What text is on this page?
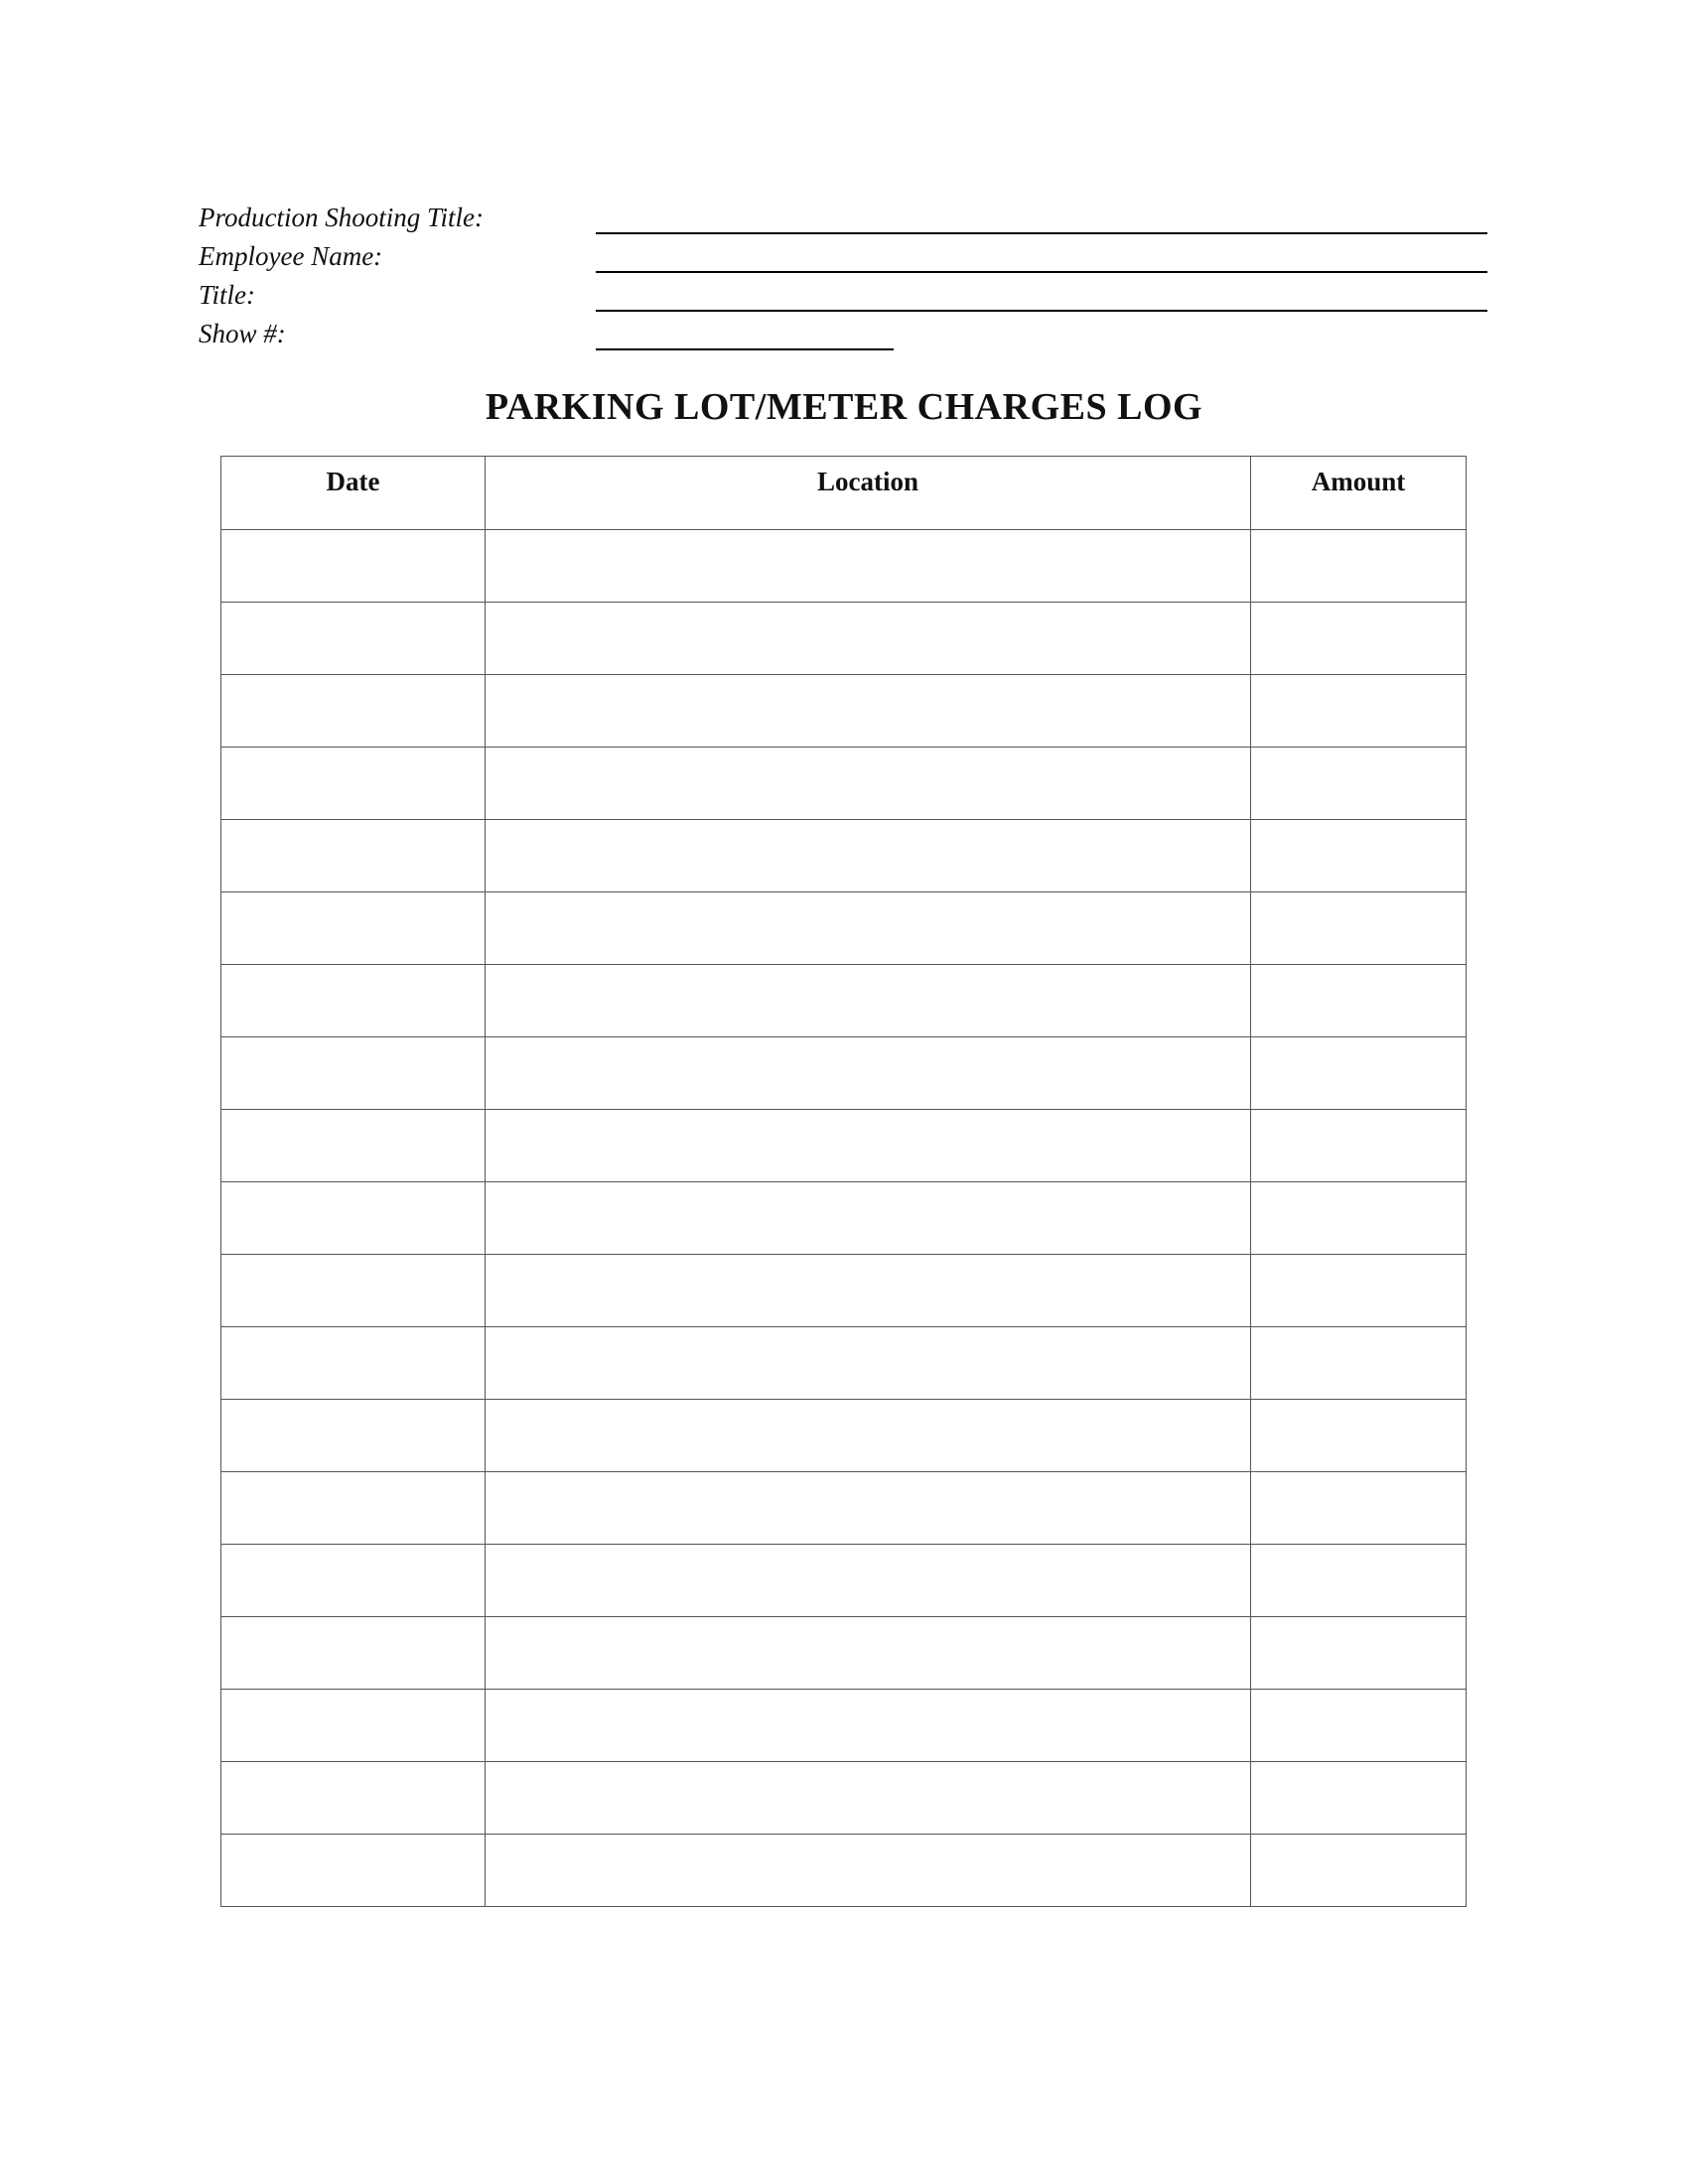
Production Shooting Title:
Employee Name:
Title:
Show #:
PARKING LOT/METER CHARGES LOG
Date	Location	Amount
